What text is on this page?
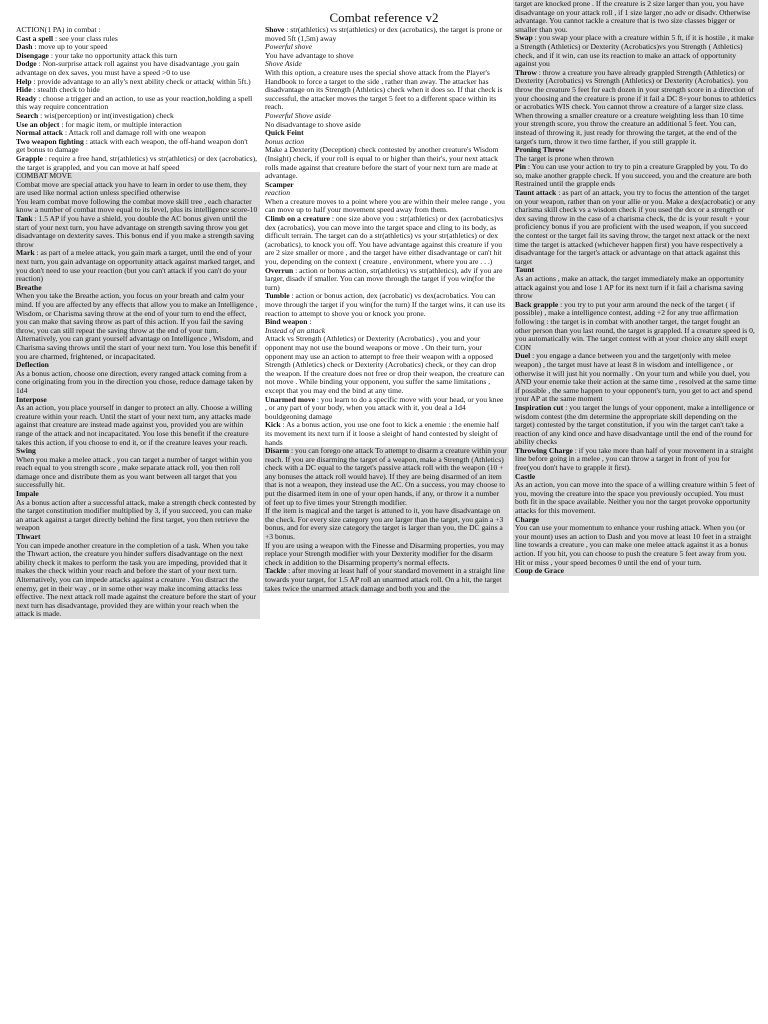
Combat reference v2
ACTION(1 PA) in combat :
Cast a spell : see your class rules
Dash : move up to your speed
Disengage : your take no opportunity attack this turn
Dodge : Non-surprise attack roll against you have disadvantage ,you gain advantage on dex saves, you must have a speed >0 to use
Help : provide advantage to an ally's next ability check or attack( within 5ft.)
Hide : stealth check to hide
Ready : choose a trigger and an action, to use as your reaction,holding a spell this way require concentration
Search : wis(perception) or int(investigation) check
Use an object : for magic item, or multiple interaction
Normal attack : Attack roll and damage roll with one weapon
Two weapon fighting : attack with each weapon, the off-hand weapon don't get bonus to damage
Grapple : require a free hand, str(athletics) vs str(athletics) or dex (acrobatics), the target is grappled, and you can move at half speed
COMBAT MOVE
Combat move are special attack you have to learn in order to use them, they are used like normal action unless specified otherwise
You learn combat move following the combat move skill tree , each character know a number of combat move equal to its level, plus its intelligence score-10
Tank : 1.5 AP if you have a shield, you double the AC bonus given until the start of your next turn, you have advantage on strength saving throw you get disadvantage on dexterity saves. This bonus end if you make a strength saving throw
Mark : as part of a melee attack, you gain mark a target, until the end of your next turn, you gain advantage on opportunity attack against marked target, and you don't need to use your reaction (but you can't attack if you can't do your reaction)
Breathe
When you take the Breathe action, you focus on your breath and calm your mind. If you are affected by any effects that allow you to make an Intelligence , Wisdom, or Charisma saving throw at the end of your turn to end the effect, you can make that saving throw as part of this action. If you fail the saving throw, you can still repeat the saving throw at the end of your turn.
Alternatively, you can grant yourself advantage on Intelligence , Wisdom, and Charisma saving throws until the start of your next turn. You lose this benefit if you are charmed, frightened, or incapacitated.
Deflection
As a bonus action, choose one direction, every ranged attack coming from a cone originating from you in the direction you chose, reduce damage taken by 1d4
Interpose
As an action, you place yourself in danger to protect an ally. Choose a willing creature within your reach. Until the start of your next turn, any attacks made against that creature are instead made against you, provided you are within range of the attack and not incapacitated. You lose this benefit if the creature takes this action, if you choose to end it, or if the creature leaves your reach.
Swing
When you make a melee attack , you can target a number of target within you reach equal to you strength score , make separate attack roll, you then roll damage once and distribute them as you want between all target that you successfully hit.
Impale
As a bonus action after a successful attack, make a strength check contested by the target constitution modifier multiplied by 3, if you succeed, you can make an attack against a target directly behind the first target, you then retrieve the weapon
Thwart
You can impede another creature in the completion of a task. When you take the Thwart action, the creature you hinder suffers disadvantage on the next ability check it makes to perform the task you are impeding, provided that it makes the check within your reach and before the start of your next turn.
Alternatively, you can impede attacks against a creature . You distract the enemy, get in their way , or in some other way make incoming attacks less effective. The next attack roll made against the creature before the start of your next turn has disadvantage, provided they are within your reach when the attack is made.
Shove : str(athletics) vs str(athletics) or dex (acrobatics), the target is prone or moved 5ft (1,5m) away
Powerful shove
You have advantage to shove
Shove Aside
With this option, a creature uses the special shove attack from the Player's Handbook to force a target to the side , rather than away. The attacker has disadvantage on its Strength (Athletics) check when it does so. If that check is successful, the attacker moves the target 5 feet to a different space within its reach.
Powerful Shove aside
No disadvantage to shove aside
Quick Feint
bonus action
Make a Dexterity (Deception) check contested by another creature's Wisdom (Insight) check, if your roll is equal to or higher than their's, your next attack rolls made against that creature before the start of your next turn are made at advantage.
Scamper
reaction
When a creature moves to a point where you are within their melee range , you can move up to half your movement speed away from them.
Climb on a creature : one size above you : str(athletics) or dex (acrobatics)vs dex (acrobatics), you can move into the target space and cling to its body, as difficult terrain. The target can do a str(athletics) vs your str(athletics) or dex (acrobatics), to knock you off. You have advantage against this creature if you are 2 size smaller or more , and the target have either disadvantage or can't hit you, depending on the context ( creature , environment, where you are . . .)
Overrun : action or bonus action, str(athletics) vs str(athletics), adv if you are larger, disadv if smaller. You can move through the target if you win(for the turn)
Tumble : action or bonus action, dex (acrobatic) vs dex(acrobatics. You can move through the target if you win(for the turn) If the target wins, it can use its reaction to attempt to shove you or knock you prone.
Bind weapon :
Instead of an attack
Attack vs Strength (Athletics) or Dexterity (Acrobatics) , you and your opponent may not use the bound weapons or move . On their turn, your opponent may use an action to attempt to free their weapon with a opposed Strength (Athletics) check or Dexterity (Acrobatics) check, or they can drop the weapon. If the creature does not free or drop their weapon, the creature can not move . While binding your opponent, you suffer the same limitations , except that you may end the bind at any time.
Unarmed move : you learn to do a specific move with your head, or you knee , or any part of your body, when you attack with it, you deal a 1d4 bouldgeoning damage
Kick : As a bonus action, you use one foot to kick a enemie : the enemie half its movement its next turn if it loose a sleight of hand contested by sleight of hands
Disarm : you can forego one attack To attempt to disarm a creature within your reach. If you are disarming the target of a weapon, make a Strength (Athletics) check with a DC equal to the target's passive attack roll with the weapon (10 + any bonuses the attack roll would have). If they are being disarmed of an item that is not a weapon, they instead use the AC. On a success, you may choose to put the disarmed item in one of your open hands, if any, or throw it a number of feet up to five times your Strength modifier.
If the item is magical and the target is attuned to it, you have disadvantage on the check. For every size category you are larger than the target, you gain a +3 bonus, and for every size category the target is larger than you, the DC gains a +3 bonus.
If you are using a weapon with the Finesse and Disarming properties, you may replace your Strength modifier with your Dexterity modifier for the disarm check in addition to the Disarming property's normal effects.
Tackle : after moving at least half of your standard movement in a straight line towards your target, for 1.5 AP roll an unarmed attack roll. On a hit, the target takes twice the unarmed attack damage and both you and the
target are knocked prone . If the creature is 2 size larger than you, you have disadvantage on your attack roll , if 1 size larger ,no adv or disadv. Otherwise advantage. You cannot tackle a creature that is two size classes bigger or smaller than you.
Swap : you swap your place with a creature within 5 ft, if it is hostile , it make a Strength (Athletics) or Dexterity (Acrobatics)vs you Strength ( Athletics) check, and if it win, can use its reaction to make an attack of opportunity against you
Throw : throw a creature you have already grappled Strength (Athletics) or Dexterity (Acrobatics) vs Strength (Athletics) or Dexterity (Acrobatics). you throw the creature 5 feet for each dozen in your strength score in a direction of your choosing and the creature is prone if it fail a DC 8+your bonus to athletics or acrobatics WIS check. You cannot throw a creature of a larger size class. When throwing a smaller creature or a creature weighting less than 10 time your strength score, you throw the creature an additional 5 feet. You can, instead of throwing it, just ready for throwing the target, at the end of the target's turn, throw it two time farther, if you still grapple it.
Proning Throw
The target is prone when thrown
Pin : You can use your action to try to pin a creature Grappled by you. To do so, make another grapple check. If you succeed, you and the creature are both Restrained until the grapple ends
Taunt attack : as part of an attack, you try to focus the attention of the target on your weapon, rather than on your allie or you. Make a dex(acrobatic) or any charisma skill check vs a wisdom check if you used the dex or a strength or dex saving throw in the case of a charisma check, the dc is your result + your proficiency bonus if you are proficient with the used weapon, if you succeed the contest or the target fail its saving throw, the target next attack or the next time the target is attacked (whichever happen first) you have respectively a disadvantage for the target's attack or advantage on that attack against this target
Taunt
As an actions , make an attack, the target immediately make an opportunity attack against you and lose 1 AP for its next turn if it fail a charisma saving throw
Back grapple : you try to put your arm around the neck of the target ( if possible) , make a intelligence contest, adding +2 for any true affirmation following : the target is in combat with another target, the target fought an other person than you last round, the target is grappled. If a creature speed is 0, you automatically win. The target contest with at your choice any skill exept CON
Duel : you engage a dance between you and the target(only with melee weapon) , the target must have at least 8 in wisdom and intelligence , or otherwise it will just hit you normally . On your turn and while you duel, you AND your enemie take their action at the same time , resolved at the same time if possible , the same happen to your opponent's turn, you get to act and spend your AP at the same moment
Inspiration cut : you target the lungs of your opponent, make a intelligence or wisdom contest (the dm determine the appropriate skill depending on the target) contested by the target constitution, if you win the target can't take a reaction of any kind once and have disadvantage until the end of the round for ability checks
Throwing Charge : if you take more than half of your movement in a straight line before going in a melee , you can throw a target in front of you for free(you don't have to grapple it first).
Castle
As an action, you can move into the space of a willing creature within 5 feet of you, moving the creature into the space you previously occupied. You must both fit in the space available. Neither you nor the target provoke opportunity attacks for this movement.
Charge
You can use your momentum to enhance your rushing attack. When you (or your mount) uses an action to Dash and you move at least 10 feet in a straight line towards a creature , you can make one melee attack against it as a bonus action. If you hit, you can choose to push the creature 5 feet away from you. Hit or miss , your speed becomes 0 until the end of your turn.
Coup de Grace
